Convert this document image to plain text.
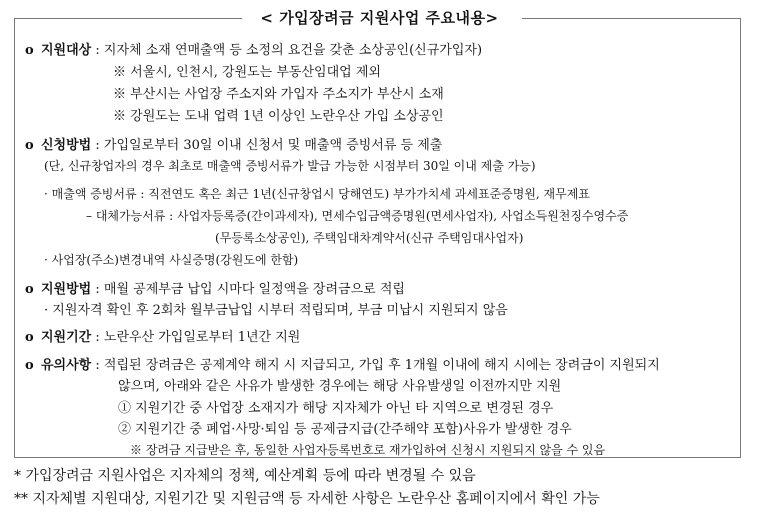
< 가입장려금 지원사업 주요내용>
o 지원대상 : 지자체 소재 연매출액 등 소정의 요건을 갖춘 소상공인(신규가입자)
※ 서울시, 인천시, 강원도는 부동산임대업 제외
※ 부산시는 사업장 주소지와 가입자 주소지가 부산시 소재
※ 강원도는 도내 업력 1년 이상인 노란우산 가입 소상공인
o 신청방법 : 가입일로부터 30일 이내 신청서 및 매출액 증빙서류 등 제출
(단, 신규창업자의 경우 최초로 매출액 증빙서류가 발급 가능한 시점부터 30일 이내 제출 가능)
· 매출액 증빙서류 : 직전연도 혹은 최근 1년(신규창업시 당해연도) 부가가치세 과세표준증명원, 재무제표
– 대체가능서류 : 사업자등록증(간이과세자), 면세수입금액증명원(면세사업자), 사업소득원천징수영수증
(무등록소상공인), 주택임대차계약서(신규 주택임대사업자)
· 사업장(주소)변경내역 사실증명(강원도에 한함)
o 지원방법 : 매월 공제부금 납입 시마다 일정액을 장려금으로 적립
· 지원자격 확인 후 2회차 월부금납입 시부터 적립되며, 부금 미납시 지원되지 않음
o 지원기간 : 노란우산 가입일로부터 1년간 지원
o 유의사항 : 적립된 장려금은 공제계약 해지 시 지급되고, 가입 후 1개월 이내에 해지 시에는 장려금이 지원되지
않으며, 아래와 같은 사유가 발생한 경우에는 해당 사유발생일 이전까지만 지원
① 지원기간 중 사업장 소재지가 해당 지자체가 아닌 타 지역으로 변경된 경우
② 지원기간 중 폐업·사망·퇴임 등 공제금지급(간주해약 포함)사유가 발생한 경우
※ 장려금 지급받은 후, 동일한 사업자등록번호로 재가입하여 신청시 지원되지 않을 수 있음
* 가입장려금 지원사업은 지자체의 정책, 예산계획 등에 따라 변경될 수 있음
** 지자체별 지원대상, 지원기간 및 지원금액 등 자세한 사항은 노란우산 홈페이지에서 확인 가능
